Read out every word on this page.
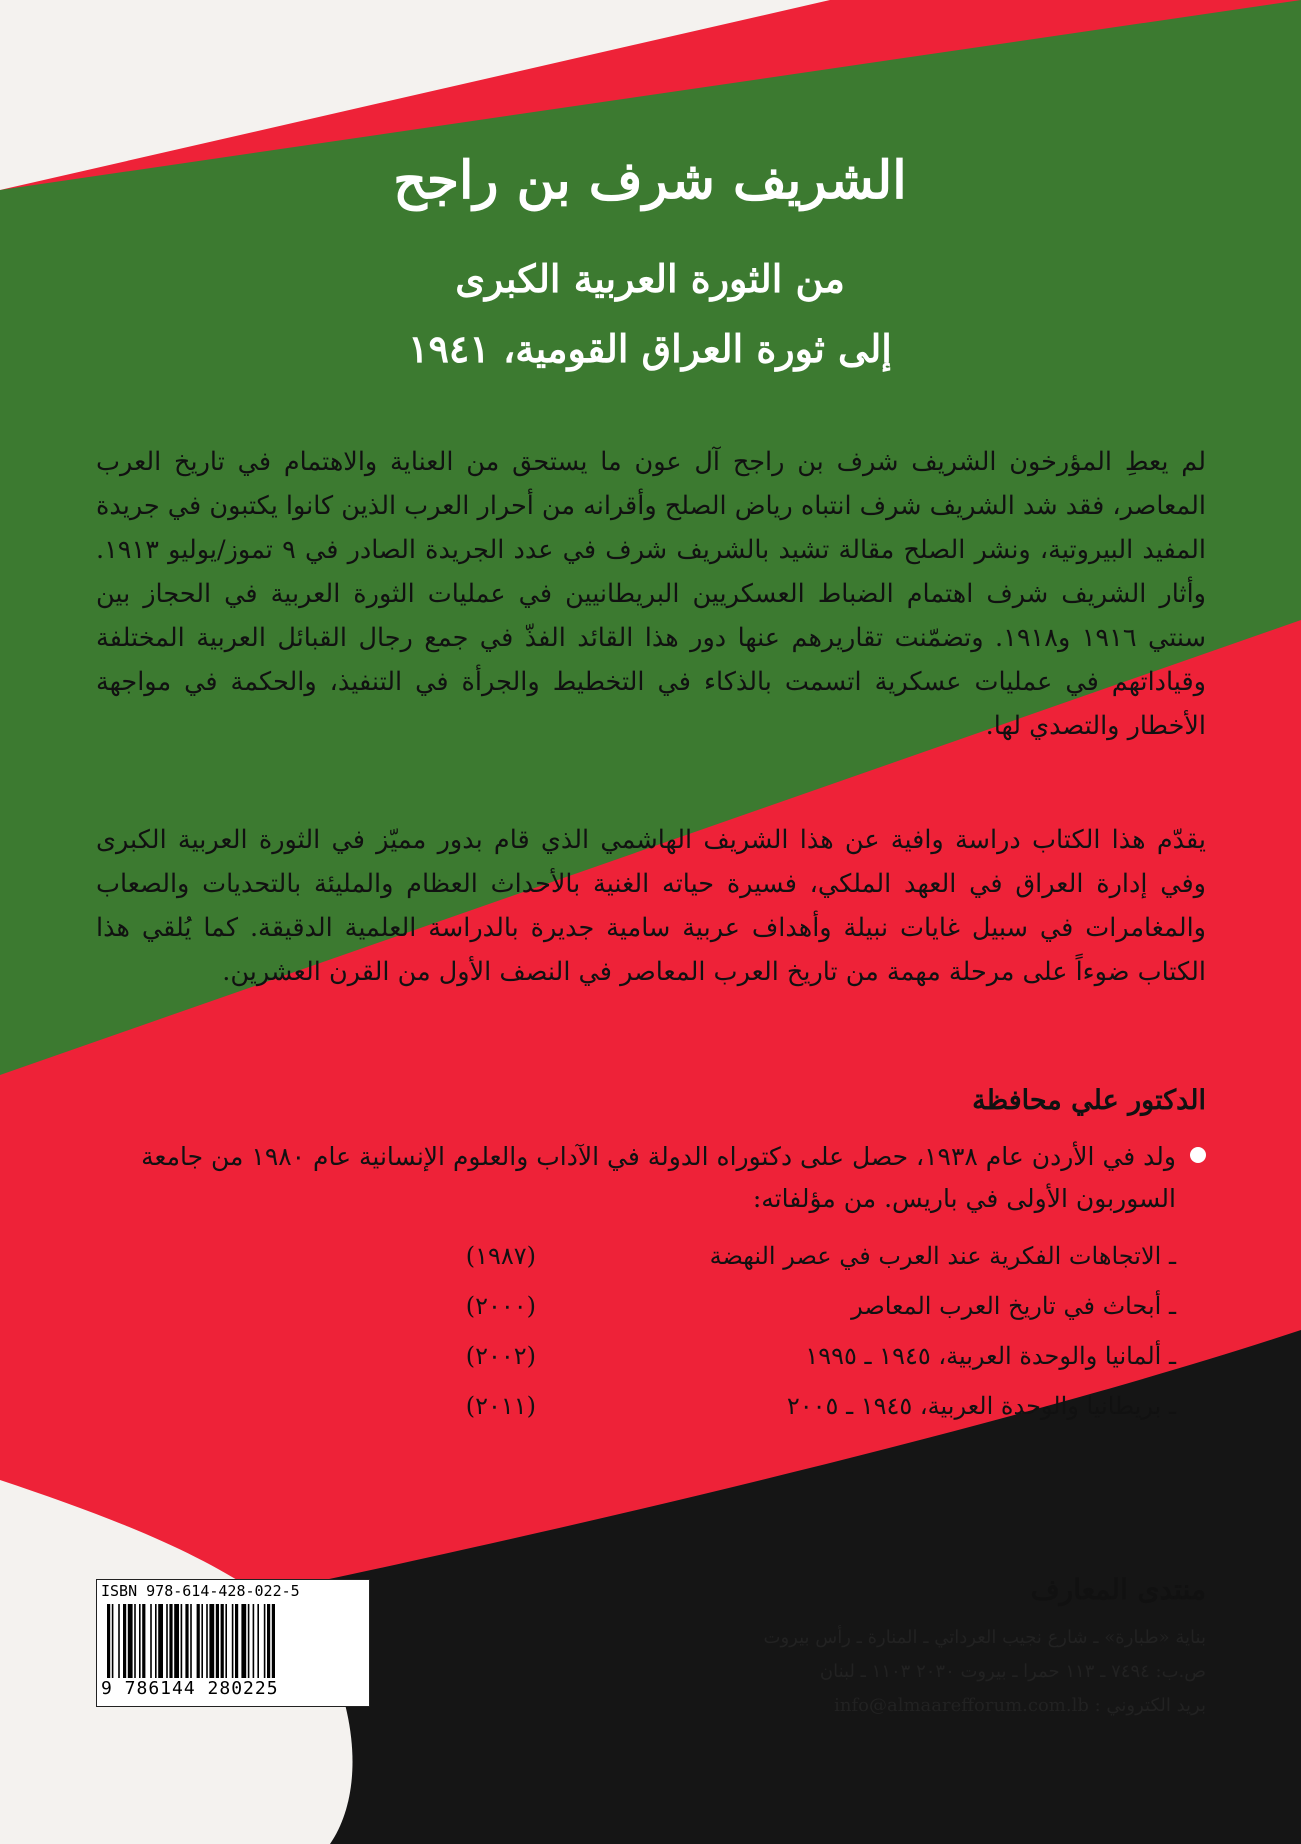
الشريف شرف بن راجح
من الثورة العربية الكبرى
إلى ثورة العراق القومية، ١٩٤١
لم يعطِ المؤرخون الشريف شرف بن راجح آل عون ما يستحق من العناية والاهتمام في تاريخ العرب المعاصر، فقد شد الشريف شرف انتباه رياض الصلح وأقرانه من أحرار العرب الذين كانوا يكتبون في جريدة المفيد البيروتية، ونشر الصلح مقالة تشيد بالشريف شرف في عدد الجريدة الصادر في ٩ تموز/يوليو ١٩١٣. وأثار الشريف شرف اهتمام الضباط العسكريين البريطانيين في عمليات الثورة العربية في الحجاز بين سنتي ١٩١٦ و١٩١٨. وتضمّنت تقاريرهم عنها دور هذا القائد الفذّ في جمع رجال القبائل العربية المختلفة وقياداتهم في عمليات عسكرية اتسمت بالذكاء في التخطيط والجرأة في التنفيذ، والحكمة في مواجهة الأخطار والتصدي لها.
يقدّم هذا الكتاب دراسة وافية عن هذا الشريف الهاشمي الذي قام بدور مميّز في الثورة العربية الكبرى وفي إدارة العراق في العهد الملكي، فسيرة حياته الغنية بالأحداث العظام والمليئة بالتحديات والصعاب والمغامرات في سبيل غايات نبيلة وأهداف عربية سامية جديرة بالدراسة العلمية الدقيقة. كما يُلقي هذا الكتاب ضوءاً على مرحلة مهمة من تاريخ العرب المعاصر في النصف الأول من القرن العشرين.
الدكتور علي محافظة
ولد في الأردن عام ١٩٣٨، حصل على دكتوراه الدولة في الآداب والعلوم الإنسانية عام ١٩٨٠ من جامعة السوربون الأولى في باريس. من مؤلفاته:
ـ الاتجاهات الفكرية عند العرب في عصر النهضة
(١٩٨٧)
ـ أبحاث في تاريخ العرب المعاصر
(٢٠٠٠)
ـ ألمانيا والوحدة العربية، ١٩٤٥ ـ ١٩٩٥
(٢٠٠٢)
ـ بريطانيا والوحدة العربية، ١٩٤٥ ـ ٢٠٠٥
(٢٠١١)
منتدى المعارف
بناية «طبارة» ـ شارع نجيب العرداتي ـ المنارة ـ رأس بيروت
ص.ب: ٧٤٩٤ ـ ١١٣ حمرا ـ بيروت ٢٠٣٠ ١١٠٣ ـ لبنان
بريد الكتروني : info@almaarefforum.com.lb
ISBN 978-614-428-022-5
9 786144 280225
